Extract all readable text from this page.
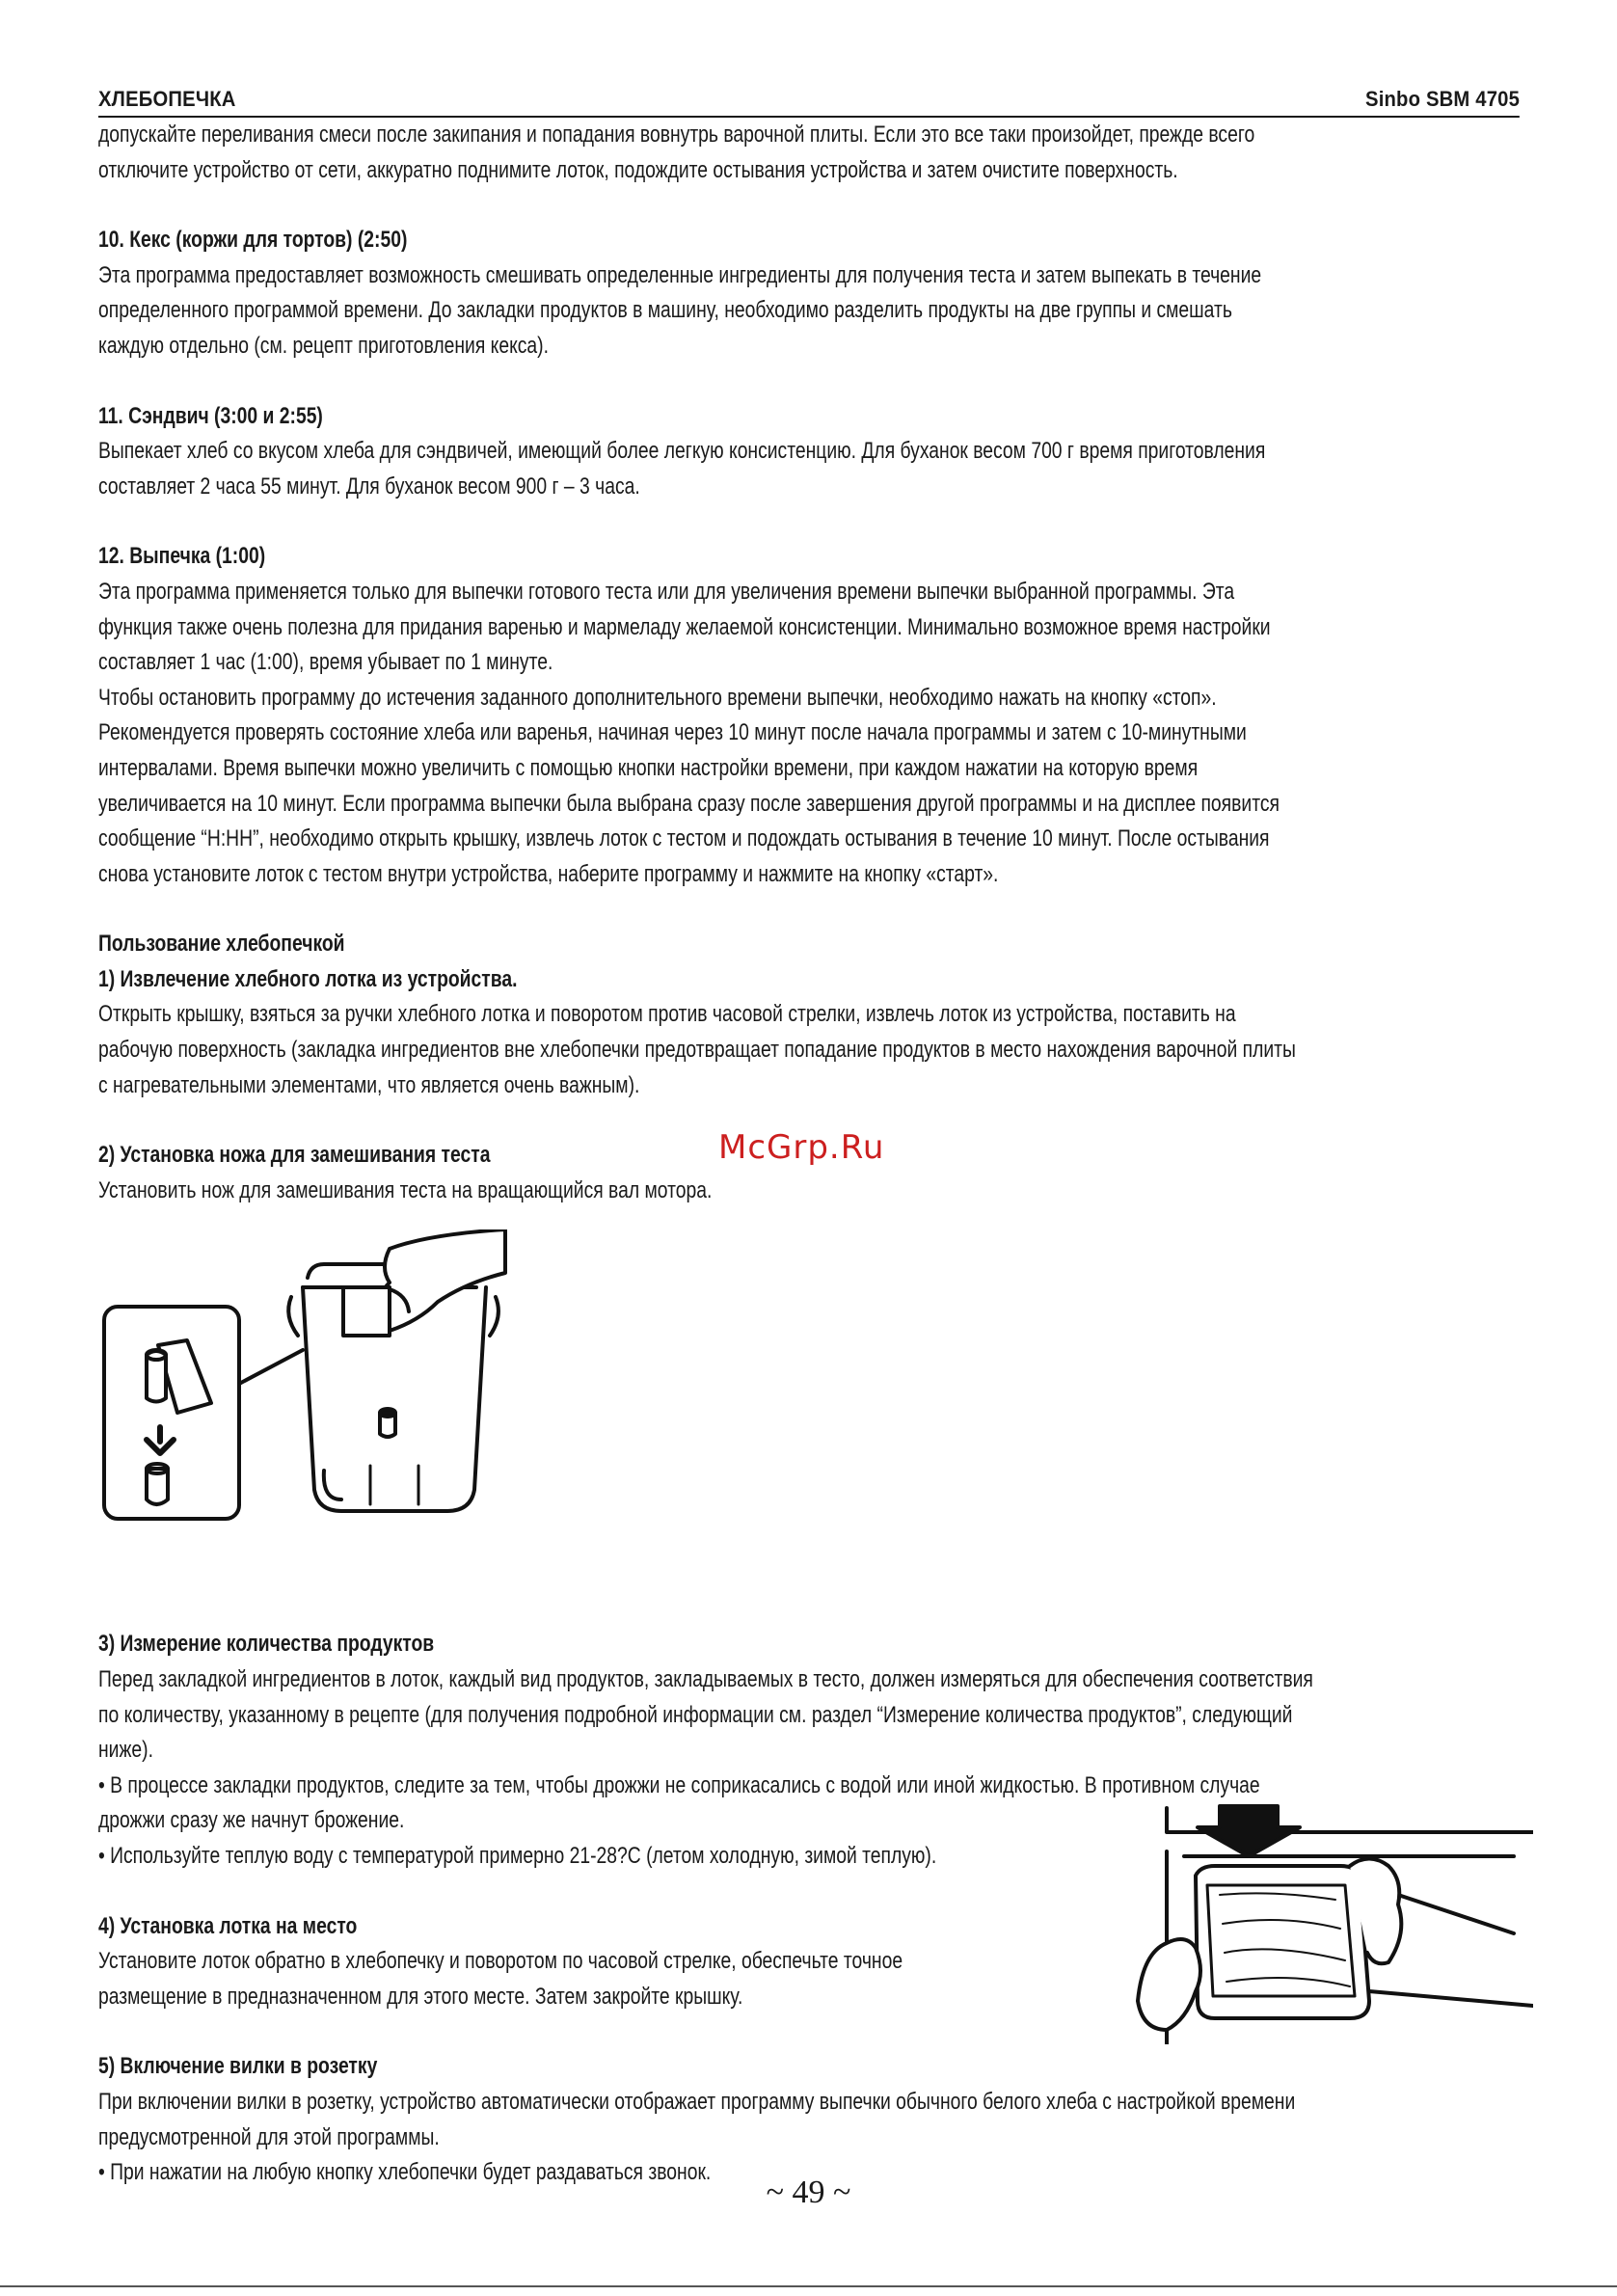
ХЛЕБОПЕЧКА	Sinbo SBM 4705

допускайте переливания смеси после закипания и попадания вовнутрь варочной плиты. Если это все таки произойдет, прежде всего

отключите устройство от сети, аккуратно поднимите лоток, подождите остывания устройства и затем очистите поверхность.

10. Кекс (коржи для тортов) (2:50)

Эта программа предоставляет возможность смешивать определенные ингредиенты для получения теста и затем выпекать в течение

определенного программой времени. До закладки продуктов в машину, необходимо разделить продукты на две группы и смешать

каждую отдельно (см. рецепт приготовления кекса).

11. Сэндвич (3:00 и 2:55)

Выпекает хлеб со вкусом хлеба для сэндвичей, имеющий более легкую консистенцию. Для буханок весом 700 г время приготовления

составляет 2 часа 55 минут. Для буханок весом 900 г – 3 часа.

12. Выпечка (1:00)

Эта программа применяется только для выпечки готового теста или для увеличения времени выпечки выбранной программы. Эта

функция также очень полезна для придания варенью и мармеладу желаемой консистенции. Минимально возможное время настройки

составляет 1 час (1:00), время убывает по 1 минуте.

Чтобы остановить программу до истечения заданного дополнительного времени выпечки, необходимо нажать на кнопку «стоп».

Рекомендуется проверять состояние хлеба или варенья, начиная через 10 минут после начала программы и затем с 10-минутными

интервалами. Время выпечки можно увеличить с помощью кнопки настройки времени, при каждом нажатии на которую время

увеличивается на 10 минут. Если программа выпечки была выбрана сразу после завершения другой программы и на дисплее появится

сообщение “H:HH”, необходимо открыть крышку, извлечь лоток с тестом и подождать остывания в течение 10 минут. После остывания

снова установите лоток с тестом внутри устройства, наберите программу и нажмите на кнопку «старт».

Пользование хлебопечкой

1) Извлечение хлебного лотка из устройства.

Открыть крышку, взяться за ручки хлебного лотка и поворотом против часовой стрелки, извлечь лоток из устройства, поставить на

рабочую поверхность (закладка ингредиентов вне хлебопечки предотвращает попадание продуктов в место нахождения варочной плиты

с нагревательными элементами, что является очень важным).

2) Установка ножа для замешивания теста

Установить нож для замешивания теста на вращающийся вал мотора.

3) Измерение количества продуктов

Перед закладкой ингредиентов в лоток, каждый вид продуктов, закладываемых в тесто, должен измеряться для обеспечения соответствия

по количеству, указанному в рецепте (для получения подробной информации см. раздел “Измерение количества продуктов”, следующий

ниже).

• В процессе закладки продуктов, следите за тем, чтобы дрожжи не соприкасались с водой или иной жидкостью. В противном случае

дрожжи сразу же начнут брожение.

• Используйте теплую воду с температурой примерно 21-28?С (летом холодную, зимой теплую).

4) Установка лотка на место

Установите лоток обратно в хлебопечку и поворотом по часовой стрелке, обеспечьте точное

размещение в предназначенном для этого месте. Затем закройте крышку.

5) Включение вилки в розетку

При включении вилки в розетку, устройство автоматически отображает программу выпечки обычного белого хлеба с настройкой времени

предусмотренной для этой программы.

• При нажатии на любую кнопку хлебопечки будет раздаваться звонок.

McGrp.Ru
~ 49 ~
